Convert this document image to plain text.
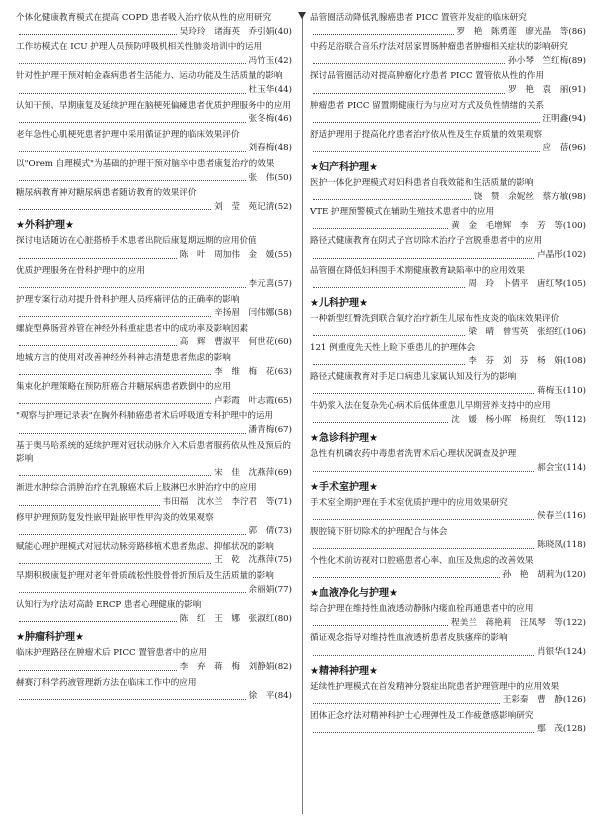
个体化健康教育模式在提高 COPD 患者吸入治疗依从性的应用研究
吴玲玲　诸海英　乔引娟 (40)
工作坊模式在 ICU 护理人员预防呼吸机相关性肺炎培训中的运用
冯竹玉 (42)
针对性护理干预对帕金森病患者生活能力、运动功能及生活质量的影响
杜玉华 (44)
认知干预、早期康复及延续护理在脑梗死偏瘫患者优质护理服务中的应用
张冬梅 (46)
老年急性心肌梗死患者护理中采用循证护理的临床效果评价
刘春梅 (48)
以"Orem 自理模式"为基础的护理干预对脑卒中患者康复治疗的效果
张　伟 (50)
糖尿病教育神对糖尿病患者随访教育的效果评价
刘　莹　苑记清 (52)
★外科护理★
探讨电话随访在心脏搭桥手术患者出院后康复期远期的应用价值
陈　叶　周加伟　金　媛 (55)
优质护理服务在骨科护理中的应用
李元喜 (57)
护理专案行动对提升骨科护理人员疼痛评估的正确率的影响
辛扬眉　闫伟娜 (58)
螺旋型鼻肠营养管在神经外科重症患者中的成功率及影响因素
高　辉　曹淑平　何世花 (60)
地城方言的使用对改善神经外科神志清楚患者焦虑的影响
李　维　梅　花 (63)
集束化护理策略在预防肝癌合并糖尿病患者跌倒中的应用
卢彩霞　叶志霞 (65)
"观察与护理记录表"在胸外科肺癌患者术后呼吸道专科护理中的运用
潘青梅 (67)
基于奥马哈系统的延续护理对冠状动脉介入术后患者服药依从性及预后的影响
宋　佳　沈燕萍 (69)
渐进水肿综合消肿治疗在乳腺癌术后上肢淋巴水肿治疗中的应用
韦田福　沈水兰　李泞君　等 (71)
修甲护理预防复发性嵌甲趾嵌甲性甲沟炎的效果观察
郭　倩 (73)
赋能心理护理模式对冠状动脉旁路移植术患者焦虑、抑郁状况的影响
王　乾　沈燕萍 (75)
早期积极康复护理对老年骨质疏松性股骨骨折预后及生活质量的影响
余丽娟 (77)
认知行为疗法对高龄 ERCP 患者心理健康的影响
陈　红　王　娜　张淑红 (80)
★肿瘤科护理★
临床护理路径在肿瘤术后 PICC 置管患者中的应用
李　弃　蒋　梅　刘静娟 (82)
赫赛汀科学药液管理新方法在临床工作中的应用
徐　平 (84)
品管圈活动降低乳腺癌患者 PICC 置管并发症的临床研究
罗　艳　陈勇莲　廖光晶　等 (86)
中药足浴联合音乐疗法对居家胃肠肿瘤患者肿瘤相关症状的影响研究
孙小琴　竺红梅 (89)
探讨品管圈活动对提高肿瘤化疗患者 PICC 置管依从性的作用
罗　艳　袁　丽 (91)
肿瘤患者 PICC 留置期健康行为与应对方式及负性情绪的关系
汪明鑫 (94)
舒适护理用于提高化疗患者治疗依从性及生存质量的效果观察
应　蓓 (96)
★妇产科护理★
医护一体化护理模式对妇科患者自我效能和生活质量的影响
饶　赞　余妮丝　蔡方敏 (98)
VTE 护理预警模式在辅助生殖技术患者中的应用
黄　金　毛增辉　李　芳　等 (100)
路径式健康教育在阴式子宫切除术治疗子宫脱垂患者中的应用
卢晶彤 (102)
品管圈在降低妇科围手术期健康教育缺陷率中的应用效果
周　玲　卜倩平　唐红琴 (105)
★儿科护理★
一种新型红臀洗到联合氧疗治疗新生儿尿布性皮炎的临床效果评价
梁　晴　曾雪英　张绍红 (106)
121 例重度先天性上睑下垂患儿的护理体会
李　芬　刘　芬　杨　娟 (108)
路径式健康教育对手足口病患儿家属认知及行为的影响
蒋梅玉 (110)
牛奶浆入法在复杂先心病术后低体重患儿早期营养支持中的应用
沈　媛　杨小晖　杨贵红　等 (112)
★急诊科护理★
急性有机磷农药中毒患者洗胃术后心理状况调查及护理
郝会宝 (114)
★手术室护理★
手术室全期护理在手术室优质护理中的应用效果研究
侯春兰 (116)
腹腔镜下肝切除术的护理配合与体会
陈晓凤 (118)
个性化术前访视对口腔癌患者心率、血压及焦虑的改善效果
孙　艳　胡莉为 (120)
★血液净化与护理★
综合护理在维持性血液透动静脉内瘘血栓再通患者中的应用
程美兰　蒋艳莉　汪凤琴　等 (122)
循证观念指导对维持性血液透析患者皮肤瘙痒的影响
肖银华 (124)
★精神科护理★
延续性护理模式在首发精神分裂症出院患者护理管理中的应用效果
王彩秦　曹　静 (126)
团体正念疗法对精神科护士心理弹性及工作疲惫感影响研究
鄢　茂 (128)
